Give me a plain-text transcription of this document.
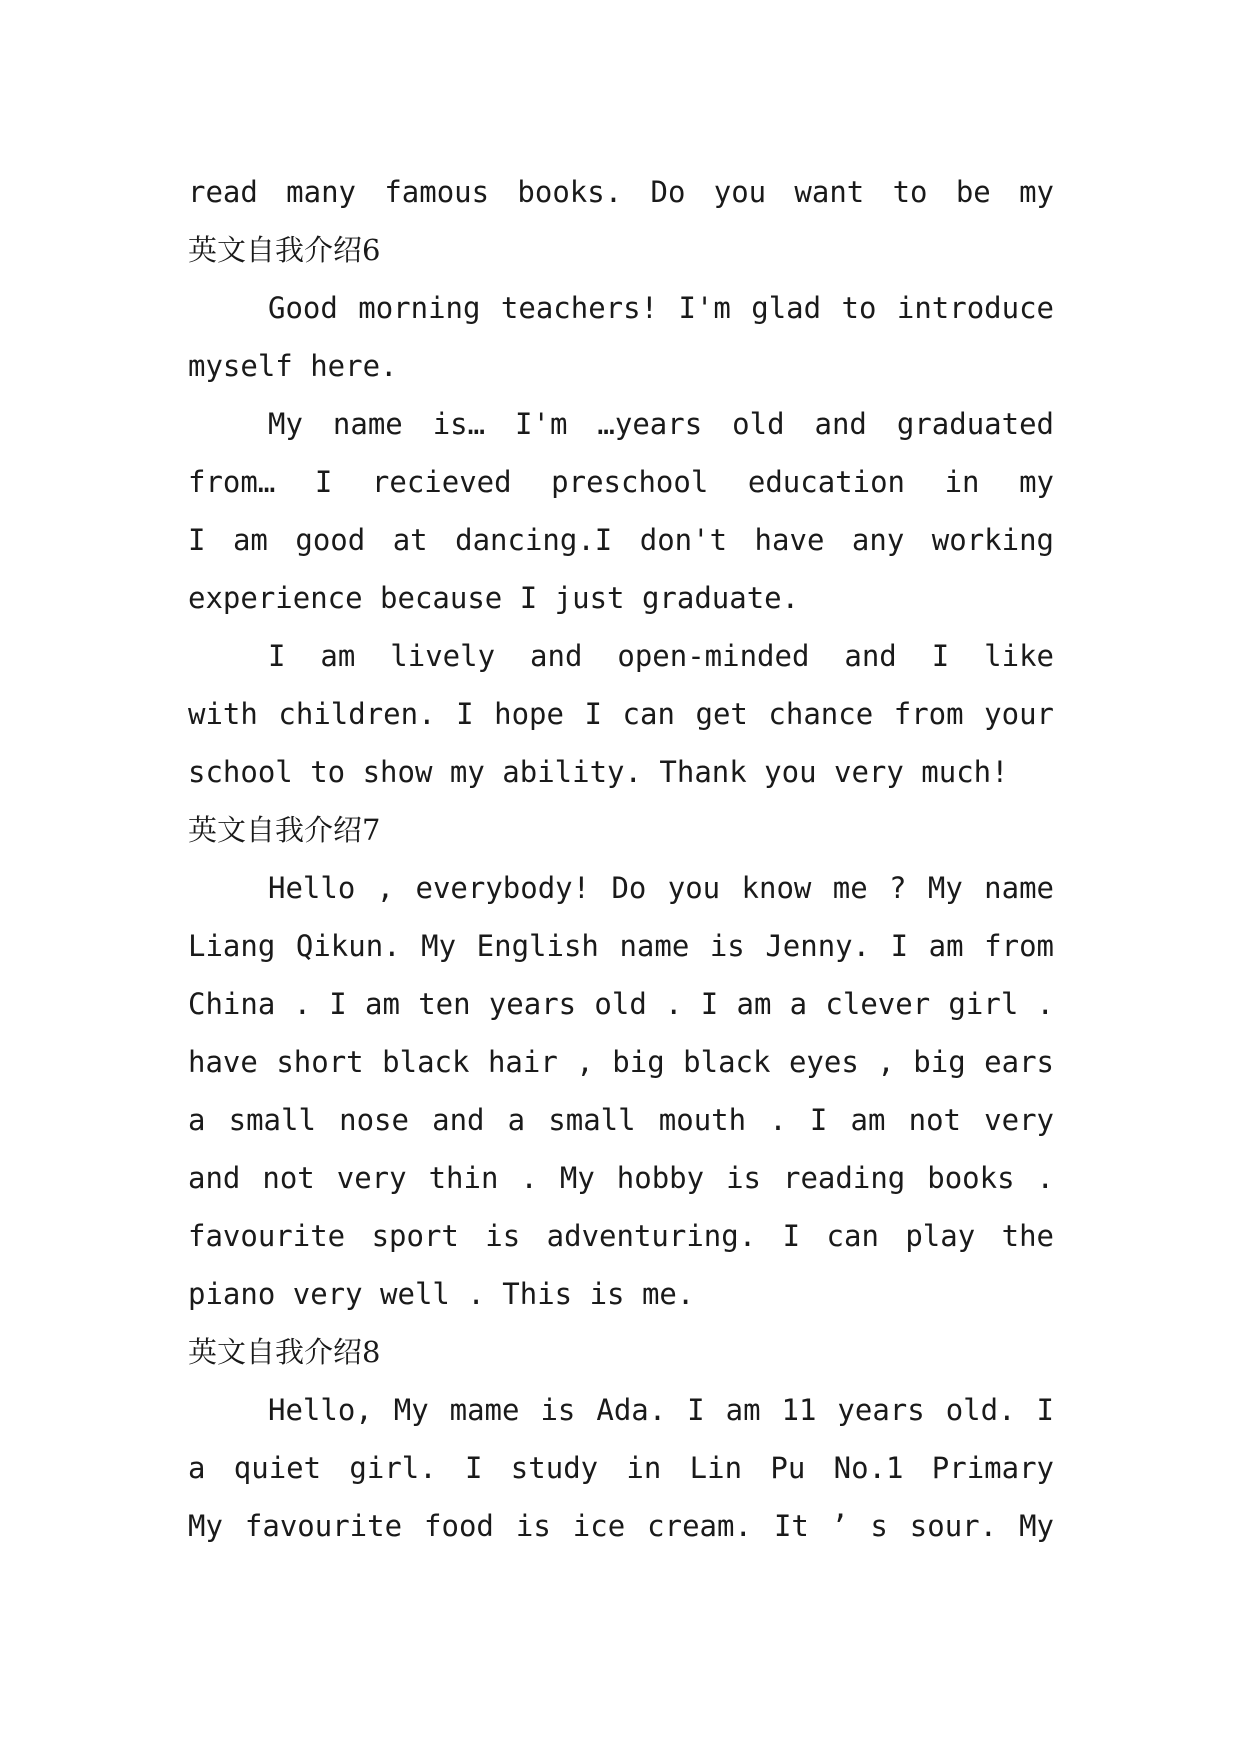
read many famous books. Do you want to be my
英文自我介绍6
Good morning teachers! I'm glad to introduce
myself here.
My name is… I'm …years old and graduated
from… I recieved preschool education in my
I am good at dancing.I don't have any working
experience because I just graduate.
I am lively and open-minded and I like
with children. I hope I can get chance from your
school to show my ability. Thank you very much!
英文自我介绍7
Hello , everybody! Do you know me ? My name
Liang Qikun. My English name is Jenny. I am from
China . I am ten years old . I am a clever girl .
have short black hair , big black eyes , big ears
a small nose and a small mouth . I am not very
and not very thin . My hobby is reading books .
favourite sport is adventuring. I can play the
piano very well . This is me.
英文自我介绍8
Hello, My mame is Ada. I am 11 years old. I
a quiet girl. I study in Lin Pu No.1 Primary
My favourite food is ice cream. It ’ s sour. My
